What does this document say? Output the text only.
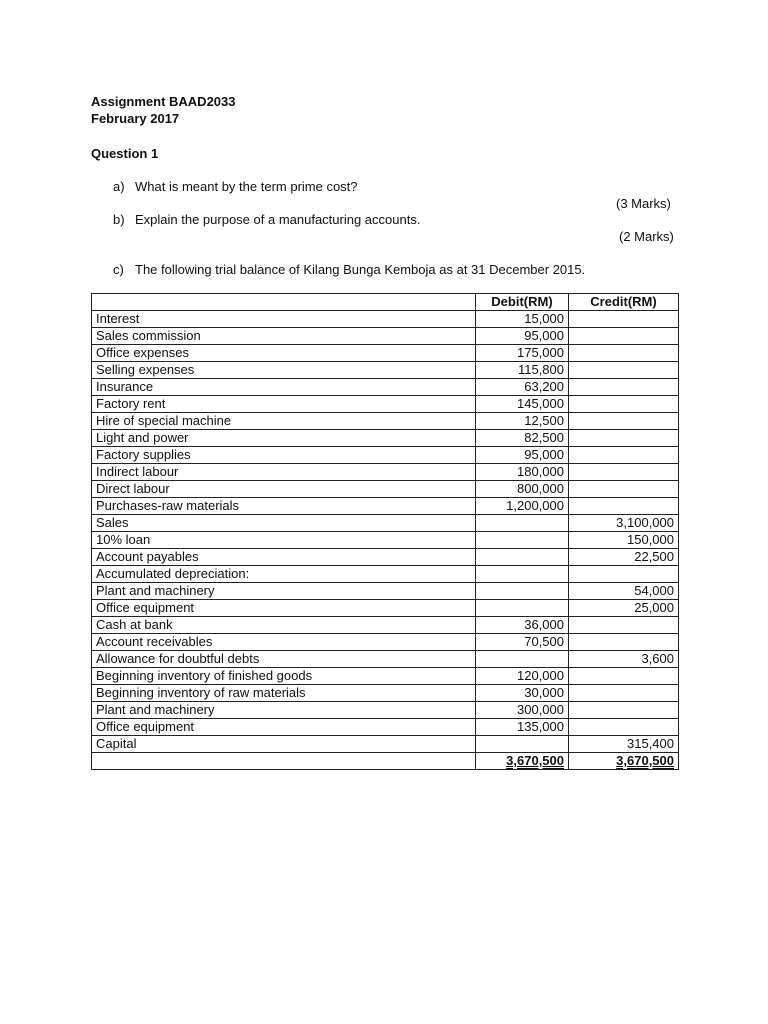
Assignment BAAD2033
February 2017
Question 1
a) What is meant by the term prime cost?
(3 Marks)
b) Explain the purpose of a manufacturing accounts.
(2 Marks)
c) The following trial balance of Kilang Bunga Kemboja as at 31 December 2015.
	Debit(RM)	Credit(RM)
Interest	15,000	
Sales commission	95,000	
Office expenses	175,000	
Selling expenses	115,800	
Insurance	63,200	
Factory rent	145,000	
Hire of special machine	12,500	
Light and power	82,500	
Factory supplies	95,000	
Indirect labour	180,000	
Direct labour	800,000	
Purchases-raw materials	1,200,000	
Sales		3,100,000
10% loan		150,000
Account payables		22,500
Accumulated depreciation:		
Plant and machinery		54,000
Office equipment		25,000
Cash at bank	36,000	
Account receivables	70,500	
Allowance for doubtful debts		3,600
Beginning inventory of finished goods	120,000	
Beginning inventory of raw materials	30,000	
Plant and machinery	300,000	
Office equipment	135,000	
Capital		315,400
	3,670,500	3,670,500
